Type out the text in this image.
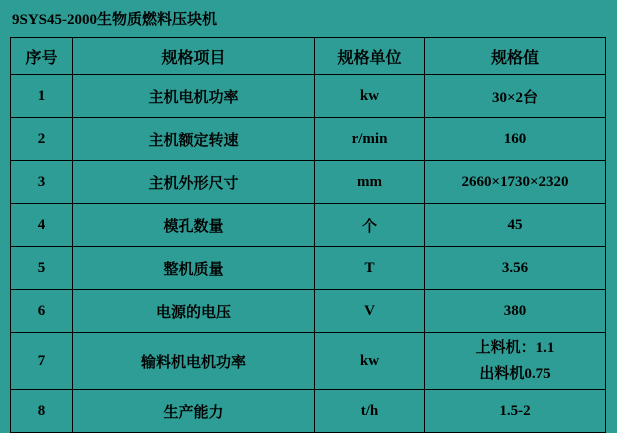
9SYS45-2000生物质燃料压块机
序号	规格项目	规格单位	规格值
1	主机电机功率	kw	30×2台
2	主机额定转速	r/min	160
3	主机外形尺寸	mm	2660×1730×2320
4	模孔数量	个	45
5	整机质量	T	3.56
6	电源的电压	V	380
7	输料机电机功率	kw	上料机：1.1
出料机0.75

8	生产能力	t/h	1.5-2
